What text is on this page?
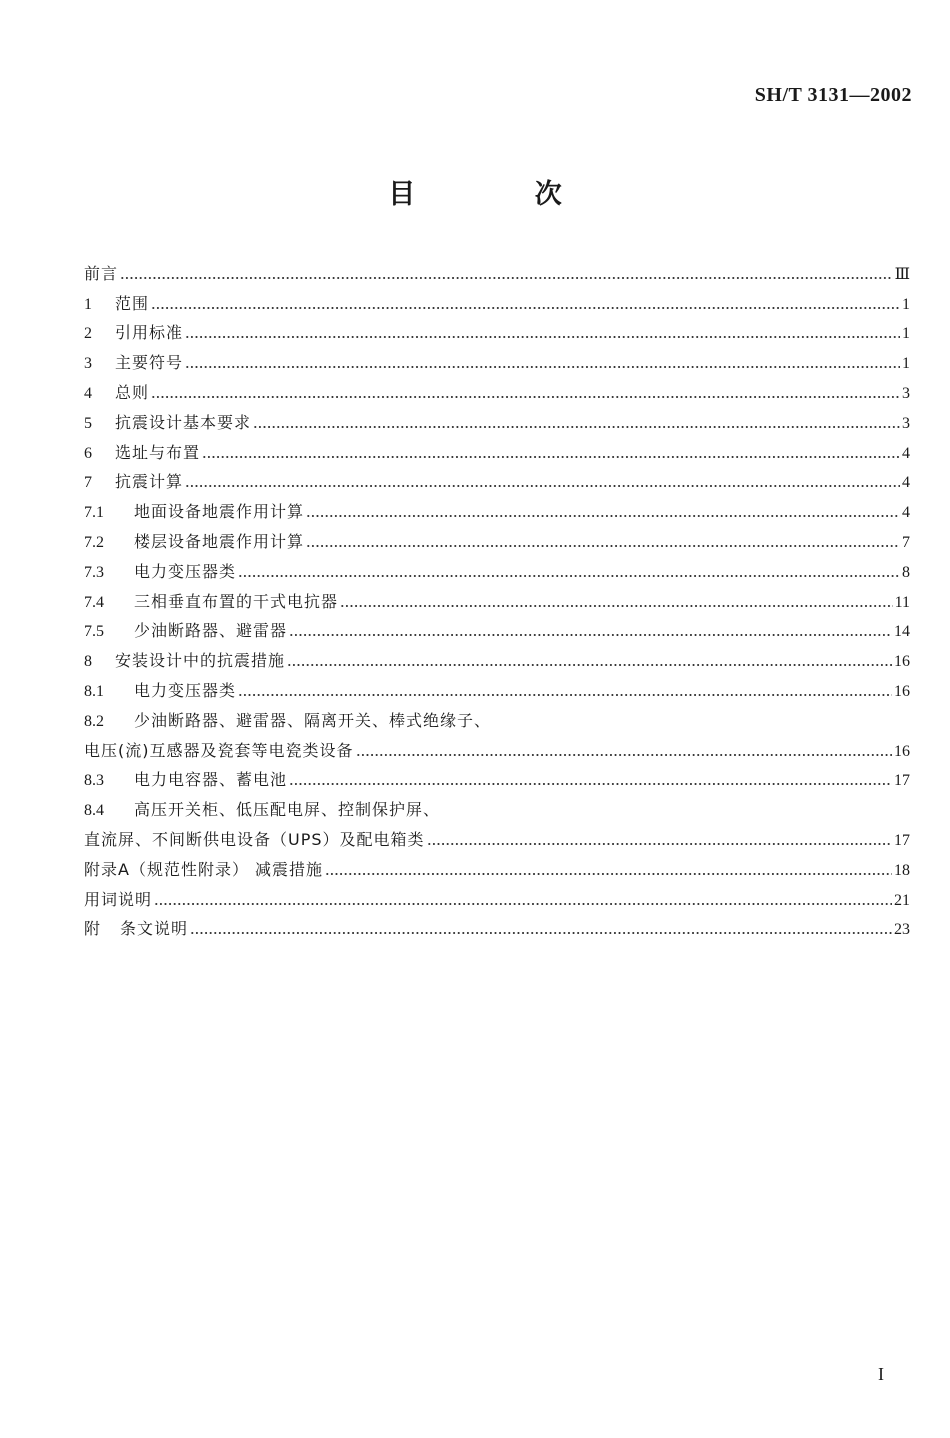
SH/T 3131—2002
目 次
前言	Ⅲ
1	范围	1
2	引用标准	1
3	主要符号	1
4	总则	3
5	抗震设计基本要求	3
6	选址与布置	4
7	抗震计算	4
7.1	地面设备地震作用计算	4
7.2	楼层设备地震作用计算	7
7.3	电力变压器类	8
7.4	三相垂直布置的干式电抗器	11
7.5	少油断路器、避雷器	14
8	安装设计中的抗震措施	16
8.1	电力变压器类	16
8.2	少油断路器、避雷器、隔离开关、棒式绝缘子、
电压(流)互感器及瓷套等电瓷类设备	16
8.3	电力电容器、蓄电池	17
8.4	高压开关柜、低压配电屏、控制保护屏、
直流屏、不间断供电设备（UPS）及配电箱类	17
附录A（规范性附录） 减震措施	18
用词说明	21
附	条文说明	23
I
